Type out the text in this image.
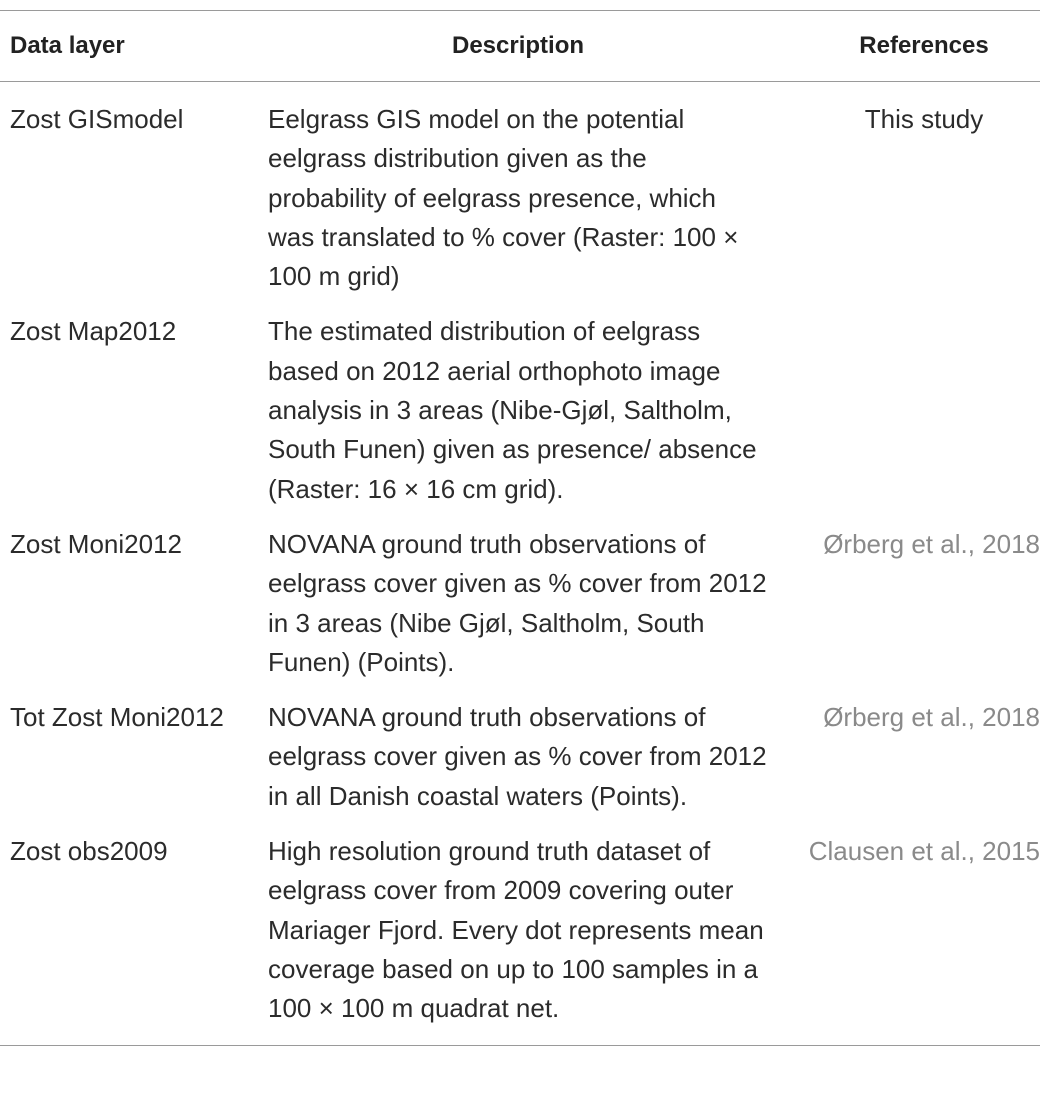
Data layer	Description	References
Zost GISmodel	Eelgrass GIS model on the potential eelgrass distribution given as the probability of eelgrass presence, which was translated to % cover (Raster: 100 × 100 m grid)	This study
Zost Map2012	The estimated distribution of eelgrass based on 2012 aerial orthophoto image analysis in 3 areas (Nibe-Gjøl, Saltholm, South Funen) given as presence/ absence (Raster: 16 × 16 cm grid).	
Zost Moni2012	NOVANA ground truth observations of eelgrass cover given as % cover from 2012 in 3 areas (Nibe Gjøl, Saltholm, South Funen) (Points).	Ørberg et al., 2018
Tot Zost Moni2012	NOVANA ground truth observations of eelgrass cover given as % cover from 2012 in all Danish coastal waters (Points).	Ørberg et al., 2018
Zost obs2009	High resolution ground truth dataset of eelgrass cover from 2009 covering outer Mariager Fjord. Every dot represents mean coverage based on up to 100 samples in a 100 × 100 m quadrat net.	Clausen et al., 2015
